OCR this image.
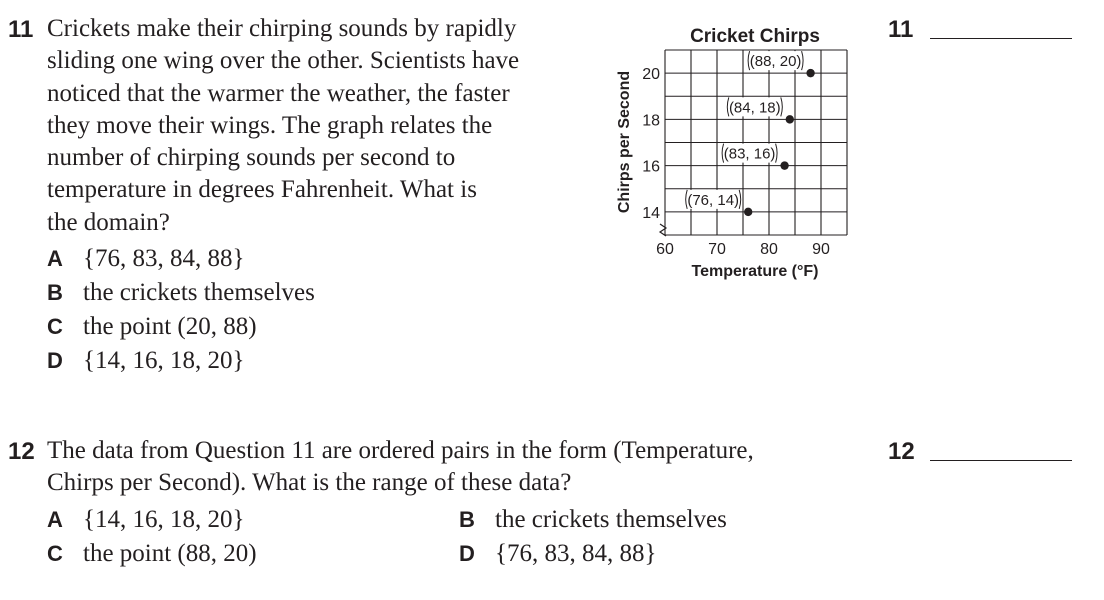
11 Crickets make their chirping sounds by rapidly
sliding one wing over the other. Scientists have
noticed that the warmer the weather, the faster
they move their wings. The graph relates the
number of chirping sounds per second to
temperature in degrees Fahrenheit. What is
the domain?
A {76, 83, 84, 88}
B the crickets themselves
C the point (20, 88)
D {14, 16, 18, 20}
11
Cricket Chirps
Chirps per Second
Temperature (°F)
60 70 80 90
14
16
18
20
(76, 14)
(83, 16)
(84, 18)
(88, 20)
12 The data from Question 11 are ordered pairs in the form (Temperature,
Chirps per Second). What is the range of these data?
A {14, 16, 18, 20}	B the crickets themselves
C the point (88, 20)	D {76, 83, 84, 88}
12
